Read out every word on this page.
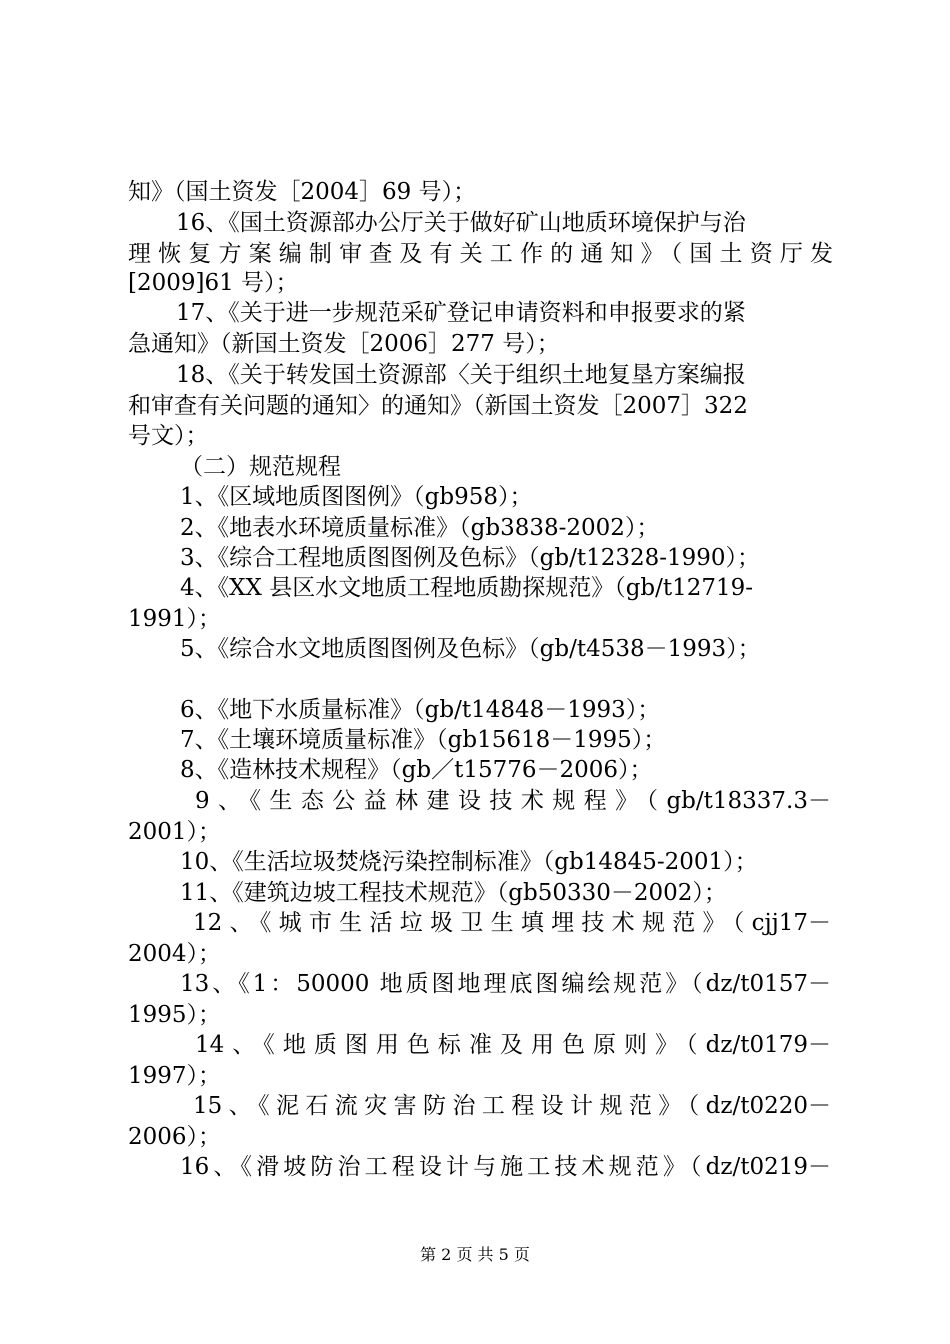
知》（国土资发［2004］69 号）；
16、《国土资源部办公厅关于做好矿山地质环境保护与治
理恢复方案编制审查及有关工作的通知》（国土资厅发
[2009]61 号）；
17、《关于进一步规范采矿登记申请资料和申报要求的紧
急通知》（新国土资发［2006］277 号）；
18、《关于转发国土资源部〈关于组织土地复垦方案编报
和审查有关问题的通知〉的通知》（新国土资发［2007］322
号文）；
（二）规范规程
1、《区域地质图图例》（gb958）；
2、《地表水环境质量标准》（gb3838-2002）；
3、《综合工程地质图图例及色标》（gb/t12328-1990）；
4、《XX 县区水文地质工程地质勘探规范》（gb/t12719-
1991）；
5、《综合水文地质图图例及色标》（gb/t4538－1993）；
6、《地下水质量标准》（gb/t14848－1993）；
7、《土壤环境质量标准》（gb15618－1995）；
8、《造林技术规程》（gb／t15776－2006）；
9、《生态公益林建设技术规程》（gb/t18337.3－
2001）；
10、《生活垃圾焚烧污染控制标准》（gb14845-2001）；
11、《建筑边坡工程技术规范》（gb50330－2002）；
12、《城市生活垃圾卫生填埋技术规范》（cjj17－
2004）；
13、《1：50000 地质图地理底图编绘规范》（dz/t0157－
1995）；
14、《地质图用色标准及用色原则》（dz/t0179－
1997）；
15、《泥石流灾害防治工程设计规范》（dz/t0220－
2006）；
16、《滑坡防治工程设计与施工技术规范》（dz/t0219－
第 2 页 共 5 页
